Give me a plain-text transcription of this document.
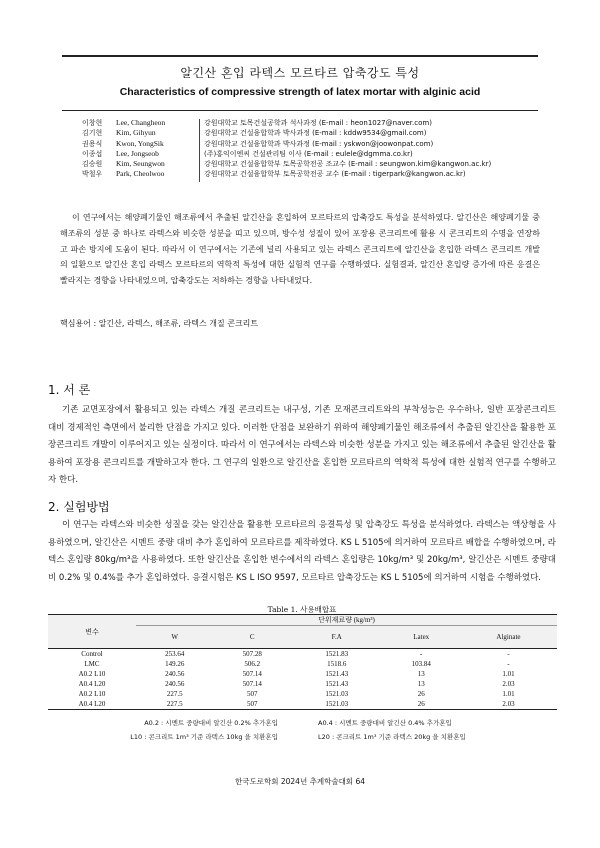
알긴산 혼입 라텍스 모르타르 압축강도 특성
Characteristics of compressive strength of latex mortar with alginic acid
이창현	Lee, Changheon	강원대학교 토목건설공학과 석사과정 (E-mail : heon1027@naver.com)
김기현	Kim, Gihyun	강원대학교 건설융합학과 박사과정 (E-mail : kddw9534@gmail.com)
권용식	Kwon, YongSik	강원대학교 건설융합학과 박사과정 (E-mail : yskwon@joowonpat.com)
이종섭	Lee, Jongseob	(주)홍익이엔씨 건설관리팀 이사 (E-mail : eulele@dgmma.co.kr)
김승원	Kim, Seungwon	강원대학교 건설융합학부 토목공학전공 조교수 (E-mail : seungwon.kim@kangwon.ac.kr)
박철우	Park, Cheolwoo	강원대학교 건설융합학부 토목공학전공 교수 (E-mail : tigerpark@kangwon.ac.kr)
이 연구에서는 해양폐기물인 해조류에서 추출된 알긴산을 혼입하여 모르타르의 압축강도 특성을 분석하였다. 알긴산은 해양폐기물 중 해조류의 성분 중 하나로 라텍스와 비슷한 성분을 띠고 있으며, 방수성 성질이 있어 포장용 콘크리트에 활용 시 콘크리트의 수명을 연장하고 파손 방지에 도움이 된다. 따라서 이 연구에서는 기존에 널리 사용되고 있는 라텍스 콘크리트에 알긴산을 혼입한 라텍스 콘크리트 개발의 일환으로 알긴산 혼입 라텍스 모르타르의 역학적 특성에 대한 실험적 연구를 수행하였다. 실험결과, 알긴산 혼입량 증가에 따른 응결은 빨라지는 경향을 나타내었으며, 압축강도는 저하하는 경향을 나타내었다.
핵심용어 : 알긴산, 라텍스, 해조류, 라텍스 개질 콘크리트
1. 서 론
기존 교면포장에서 활용되고 있는 라텍스 개질 콘크리트는 내구성, 기존 모재콘크리트와의 부착성능은 우수하나, 일반 포장콘크리트 대비 경제적인 측면에서 불리한 단점을 가지고 있다. 이러한 단점을 보완하기 위하여 해양폐기물인 해조류에서 추출된 알긴산을 활용한 포장콘크리트 개발이 이루어지고 있는 실정이다. 따라서 이 연구에서는 라텍스와 비슷한 성분을 가지고 있는 해조류에서 추출된 알긴산을 활용하여 포장용 콘크리트를 개발하고자 한다. 그 연구의 일환으로 알긴산을 혼입한 모르타르의 역학적 특성에 대한 실험적 연구를 수행하고자 한다.
2. 실험방법
이 연구는 라텍스와 비슷한 성질을 갖는 알긴산을 활용한 모르타르의 응결특성 및 압축강도 특성을 분석하였다. 라텍스는 액상형을 사용하였으며, 알긴산은 시멘트 중량 대비 추가 혼입하여 모르타르를 제작하였다. KS L 5105에 의거하여 모르타르 배합을 수행하였으며, 라텍스 혼입량 80kg/m³을 사용하였다. 또한 알긴산을 혼입한 변수에서의 라텍스 혼입량은 10kg/m³ 및 20kg/m³, 알긴산은 시멘트 중량대비 0.2% 및 0.4%를 추가 혼입하였다. 응결시험은 KS L ISO 9597, 모르타르 압축강도는 KS L 5105에 의거하여 시험을 수행하였다.
Table 1. 사용배합표
변수	단위재료량 (kg/m³)				
	W	C	F.A	Latex	Alginate
Control	253.64	507.28	1521.83	-	-
LMC	149.26	506.2	1518.6	103.84	-
A0.2 L10	240.56	507.14	1521.43	13	1.01
A0.4 L20	240.56	507.14	1521.43	13	2.03
A0.2 L10	227.5	507	1521.03	26	1.01
A0.4 L20	227.5	507	1521.03	26	2.03
A0.2 : 시멘트 중량대비 알긴산 0.2% 추가혼입	A0.4 : 시멘트 중량대비 알긴산 0.4% 추가혼입
L10 : 콘크리트 1m³ 기준 라텍스 10kg 을 치환혼입	L20 : 콘크리트 1m³ 기준 라텍스 20kg 을 치환혼입
한국도로학회 2024년 추계학술대회 64
